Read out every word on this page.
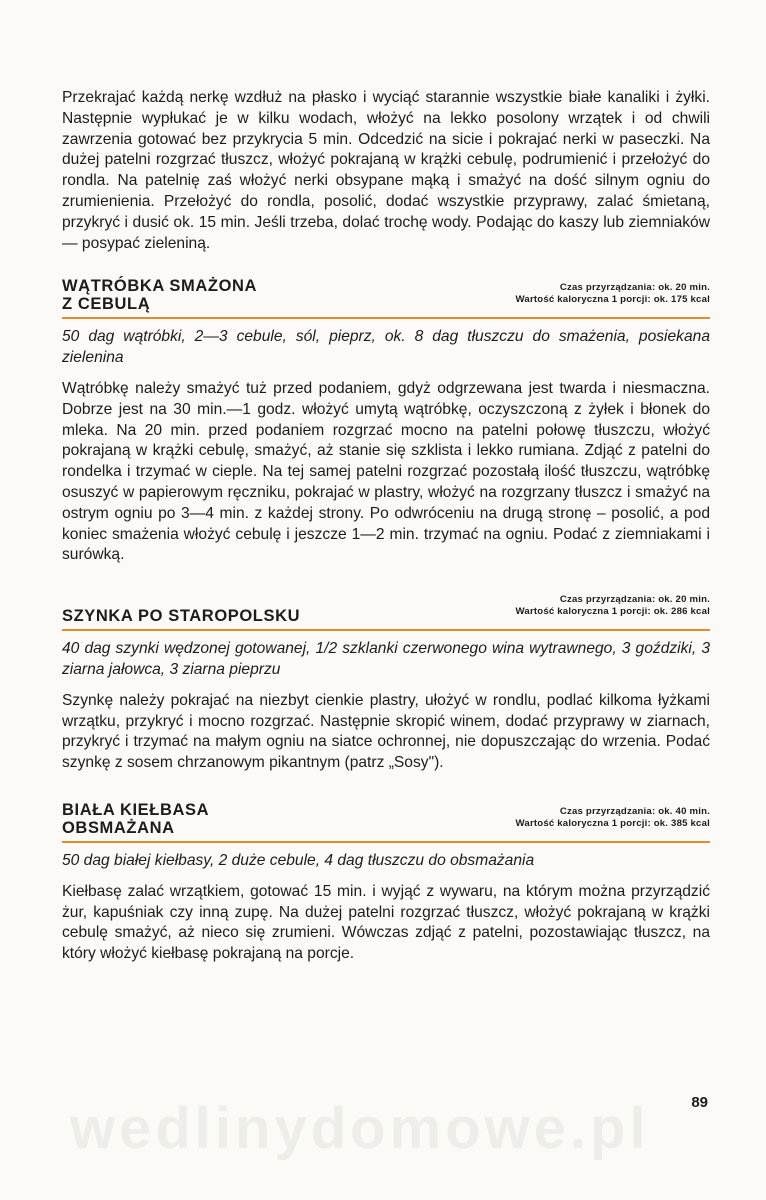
wedlinydomowe.pl

Przekrajać każdą nerkę wzdłuż na płasko i wyciąć starannie wszystkie białe kanaliki i żyłki. Następnie wypłukać je w kilku wodach, włożyć na lekko posolony wrzątek i od chwili zawrzenia gotować bez przykrycia 5 min. Odcedzić na sicie i pokrajać nerki w paseczki. Na dużej patelni rozgrzać tłuszcz, włożyć pokrajaną w krążki cebulę, podrumienić i przełożyć do rondla. Na patelnię zaś włożyć nerki obsypane mąką i smażyć na dość silnym ogniu do zrumienienia. Przełożyć do rondla, posolić, dodać wszystkie przyprawy, zalać śmietaną, przykryć i dusić ok. 15 min. Jeśli trzeba, dolać trochę wody. Podając do kaszy lub ziemniaków — posypać zieleniną.

WĄTRÓBKA SMAŻONA
Z CEBULĄ
Czas przyrządzania: ok. 20 min.
Wartość kaloryczna 1 porcji: ok. 175 kcal
50 dag wątróbki, 2—3 cebule, sól, pieprz, ok. 8 dag tłuszczu do smażenia, posiekana zielenina

Wątróbkę należy smażyć tuż przed podaniem, gdyż odgrzewana jest twarda i niesmaczna. Dobrze jest na 30 min.—1 godz. włożyć umytą wątróbkę, oczyszczoną z żyłek i błonek do mleka. Na 20 min. przed podaniem rozgrzać mocno na patelni połowę tłuszczu, włożyć pokrajaną w krążki cebulę, smażyć, aż stanie się szklista i lekko rumiana. Zdjąć z patelni do rondelka i trzymać w cieple. Na tej samej patelni rozgrzać pozostałą ilość tłuszczu, wątróbkę osuszyć w papierowym ręczniku, pokrajać w plastry, włożyć na rozgrzany tłuszcz i smażyć na ostrym ogniu po 3—4 min. z każdej strony. Po odwróceniu na drugą stronę – posolić, a pod koniec smażenia włożyć cebulę i jeszcze 1—2 min. trzymać na ogniu. Podać z ziemniakami i surówką.

SZYNKA PO STAROPOLSKU
Czas przyrządzania: ok. 20 min.
Wartość kaloryczna 1 porcji: ok. 286 kcal
40 dag szynki wędzonej gotowanej, 1/2 szklanki czerwonego wina wytrawnego, 3 goździki, 3 ziarna jałowca, 3 ziarna pieprzu

Szynkę należy pokrajać na niezbyt cienkie plastry, ułożyć w rondlu, podlać kilkoma łyżkami wrzątku, przykryć i mocno rozgrzać. Następnie skropić winem, dodać przyprawy w ziarnach, przykryć i trzymać na małym ogniu na siatce ochronnej, nie dopuszczając do wrzenia. Podać szynkę z sosem chrzanowym pikantnym (patrz „Sosy").

BIAŁA KIEŁBASA
OBSMAŻANA
Czas przyrządzania: ok. 40 min.
Wartość kaloryczna 1 porcji: ok. 385 kcal
50 dag białej kiełbasy, 2 duże cebule, 4 dag tłuszczu do obsmażania

Kiełbasę zalać wrzątkiem, gotować 15 min. i wyjąć z wywaru, na którym można przyrządzić żur, kapuśniak czy inną zupę. Na dużej patelni rozgrzać tłuszcz, włożyć pokrajaną w krążki cebulę smażyć, aż nieco się zrumieni. Wówczas zdjąć z patelni, pozostawiając tłuszcz, na który włożyć kiełbasę pokrajaną na porcje.

89
